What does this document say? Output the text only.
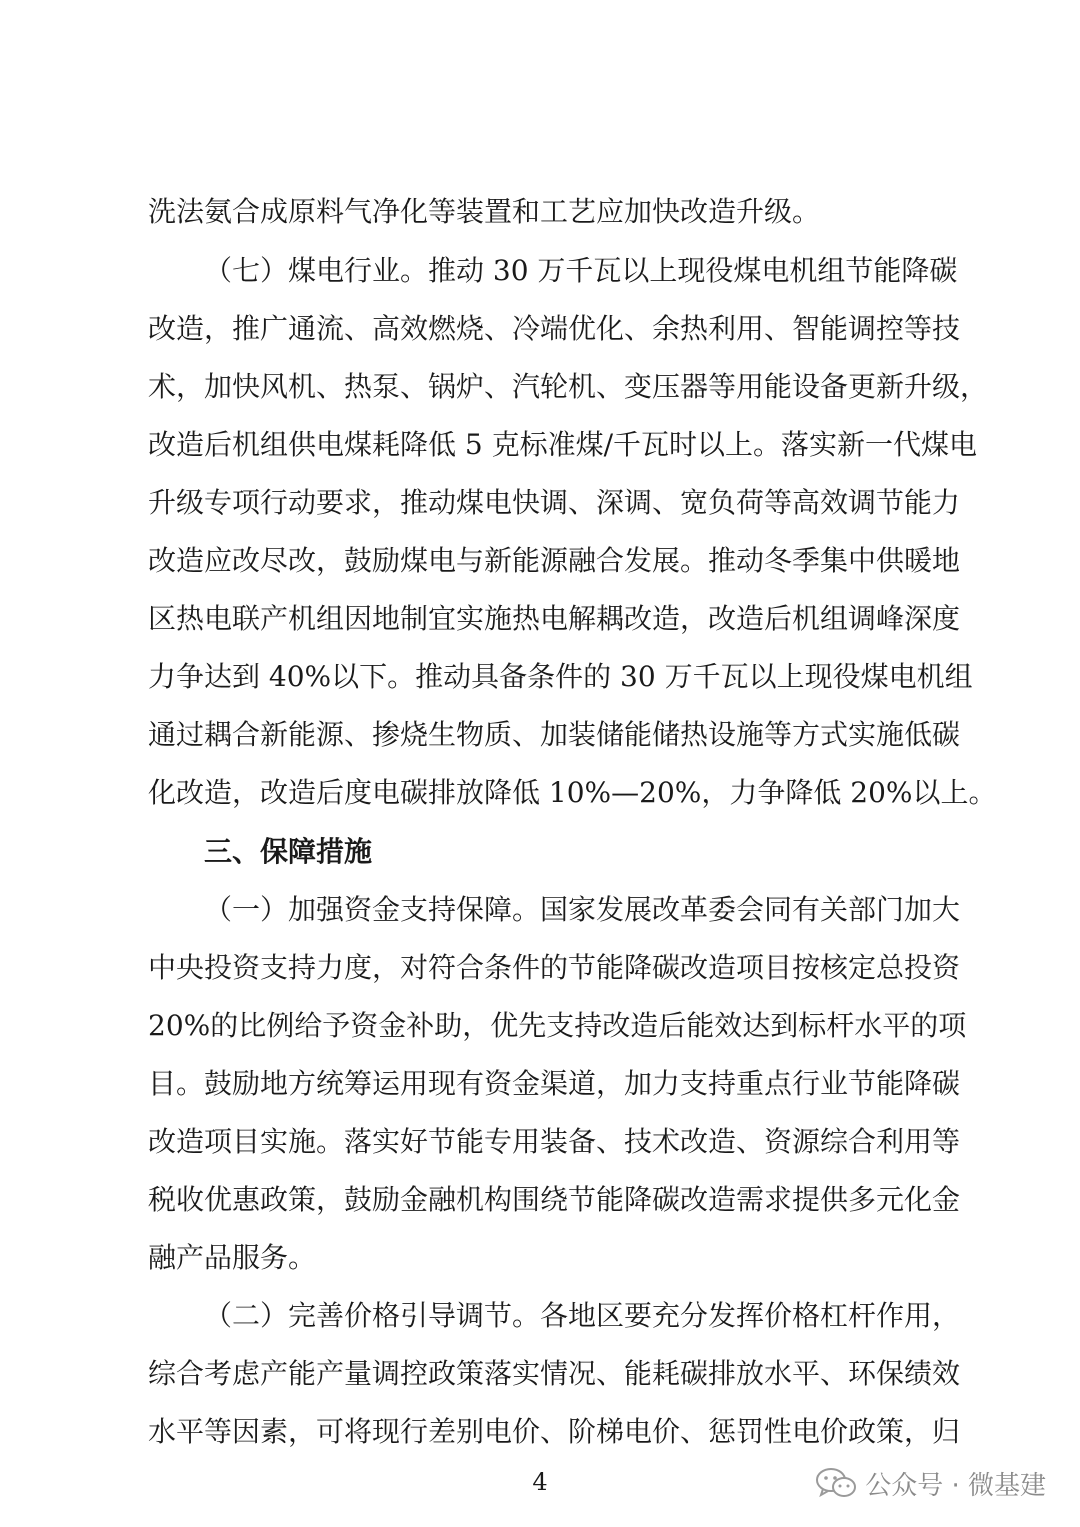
洗法氨合成原料气净化等装置和工艺应加快改造升级。
（七）煤电行业。推动 30 万千瓦以上现役煤电机组节能降碳
改造，推广通流、高效燃烧、冷端优化、余热利用、智能调控等技
术，加快风机、热泵、锅炉、汽轮机、变压器等用能设备更新升级，
改造后机组供电煤耗降低 5 克标准煤/千瓦时以上。落实新一代煤电
升级专项行动要求，推动煤电快调、深调、宽负荷等高效调节能力
改造应改尽改，鼓励煤电与新能源融合发展。推动冬季集中供暖地
区热电联产机组因地制宜实施热电解耦改造，改造后机组调峰深度
力争达到 40%以下。推动具备条件的 30 万千瓦以上现役煤电机组
通过耦合新能源、掺烧生物质、加装储能储热设施等方式实施低碳
化改造，改造后度电碳排放降低 10%—20%，力争降低 20%以上。
三、保障措施
（一）加强资金支持保障。国家发展改革委会同有关部门加大
中央投资支持力度，对符合条件的节能降碳改造项目按核定总投资
20%的比例给予资金补助，优先支持改造后能效达到标杆水平的项
目。鼓励地方统筹运用现有资金渠道，加力支持重点行业节能降碳
改造项目实施。落实好节能专用装备、技术改造、资源综合利用等
税收优惠政策，鼓励金融机构围绕节能降碳改造需求提供多元化金
融产品服务。
（二）完善价格引导调节。各地区要充分发挥价格杠杆作用，
综合考虑产能产量调控政策落实情况、能耗碳排放水平、环保绩效
水平等因素，可将现行差别电价、阶梯电价、惩罚性电价政策，归
公众号 · 微基建
4
